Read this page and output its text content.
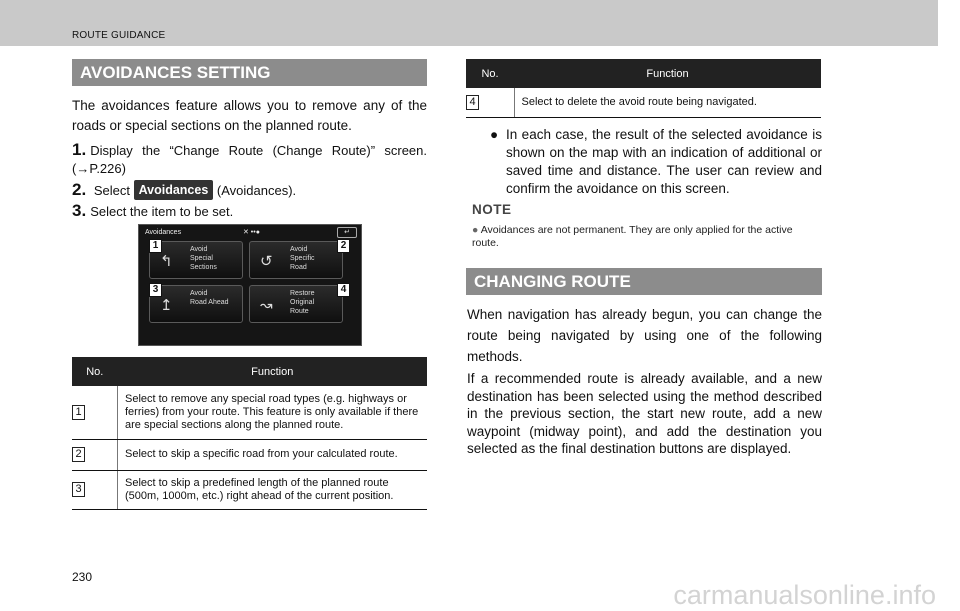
ROUTE GUIDANCE
AVOIDANCES SETTING
The avoidances feature allows you to remove any of the roads or special sections on the planned route.
1. Display the “Change Route (Change Route)” screen. (→P.226)
2. Select Avoidances (Avoidances).
3. Select the item to be set.
Avoidances	✕ ••●	↵
↰
Avoid
Special
Sections	↺
Avoid
Specific
Road
↥
Avoid
Road Ahead ↝
Restore
Original
Route
1	2
3	4
No.	Function
1	Select to remove any special road types (e.g. highways or ferries) from your route. This feature is only available if there are special sections along the planned route.
2	Select to skip a specific road from your calculated route.
3	Select to skip a predefined length of the planned route (500m, 1000m, etc.) right ahead of the current position.
No.	Function
4	Select to delete the avoid route being navigated.
● In each case, the result of the selected avoidance is shown on the map with an indication of additional or saved time and distance. The user can review and confirm the avoidance on this screen.
NOTE
● Avoidances are not permanent. They are only applied for the active route.
CHANGING ROUTE
When navigation has already begun, you can change the route being navigated by using one of the following methods.
If a recommended route is already available, and a new destination has been selected using the method described in the previous section, the start new route, add a new waypoint (midway point), and add the destination you selected as the final destination buttons are displayed.
230
carmanualsonline.info
